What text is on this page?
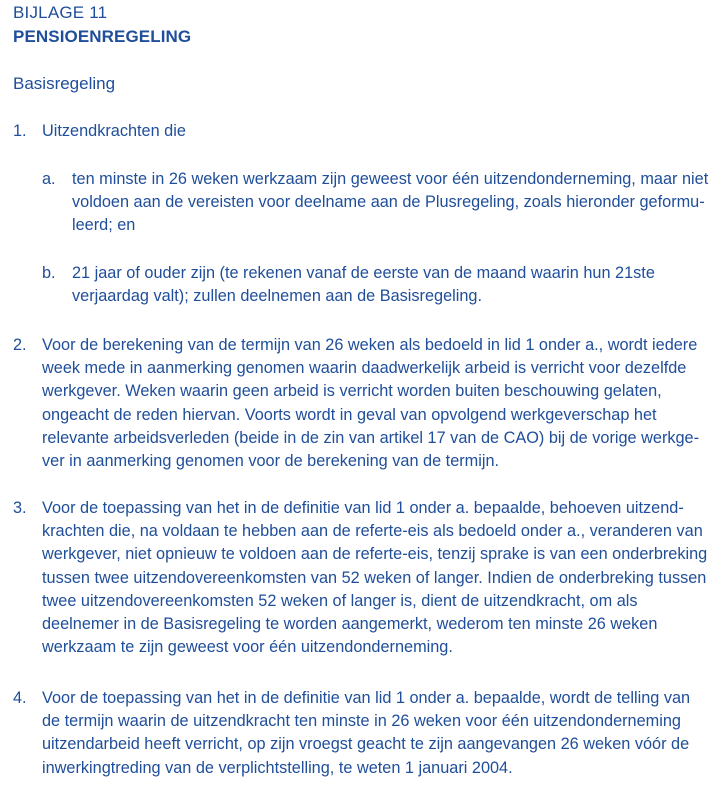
BIJLAGE 11
PENSIOENREGELING
Basisregeling
1. Uitzendkrachten die
a. ten minste in 26 weken werkzaam zijn geweest voor één uitzendonderneming, maar niet
voldoen aan de vereisten voor deelname aan de Plusregeling, zoals hieronder geformu-
leerd; en
b. 21 jaar of ouder zijn (te rekenen vanaf de eerste van de maand waarin hun 21ste
verjaardag valt); zullen deelnemen aan de Basisregeling.
2. Voor de berekening van de termijn van 26 weken als bedoeld in lid 1 onder a., wordt iedere
week mede in aanmerking genomen waarin daadwerkelijk arbeid is verricht voor dezelfde
werkgever. Weken waarin geen arbeid is verricht worden buiten beschouwing gelaten,
ongeacht de reden hiervan. Voorts wordt in geval van opvolgend werkgeverschap het
relevante arbeidsverleden (beide in de zin van artikel 17 van de CAO) bij de vorige werkge-
ver in aanmerking genomen voor de berekening van de termijn.
3. Voor de toepassing van het in de definitie van lid 1 onder a. bepaalde, behoeven uitzend-
krachten die, na voldaan te hebben aan de referte-eis als bedoeld onder a., veranderen van
werkgever, niet opnieuw te voldoen aan de referte-eis, tenzij sprake is van een onderbreking
tussen twee uitzendovereenkomsten van 52 weken of langer. Indien de onderbreking tussen
twee uitzendovereenkomsten 52 weken of langer is, dient de uitzendkracht, om als
deelnemer in de Basisregeling te worden aangemerkt, wederom ten minste 26 weken
werkzaam te zijn geweest voor één uitzendonderneming.
4. Voor de toepassing van het in de definitie van lid 1 onder a. bepaalde, wordt de telling van
de termijn waarin de uitzendkracht ten minste in 26 weken voor één uitzendonderneming
uitzendarbeid heeft verricht, op zijn vroegst geacht te zijn aangevangen 26 weken vóór de
inwerkingtreding van de verplichtstelling, te weten 1 januari 2004.
